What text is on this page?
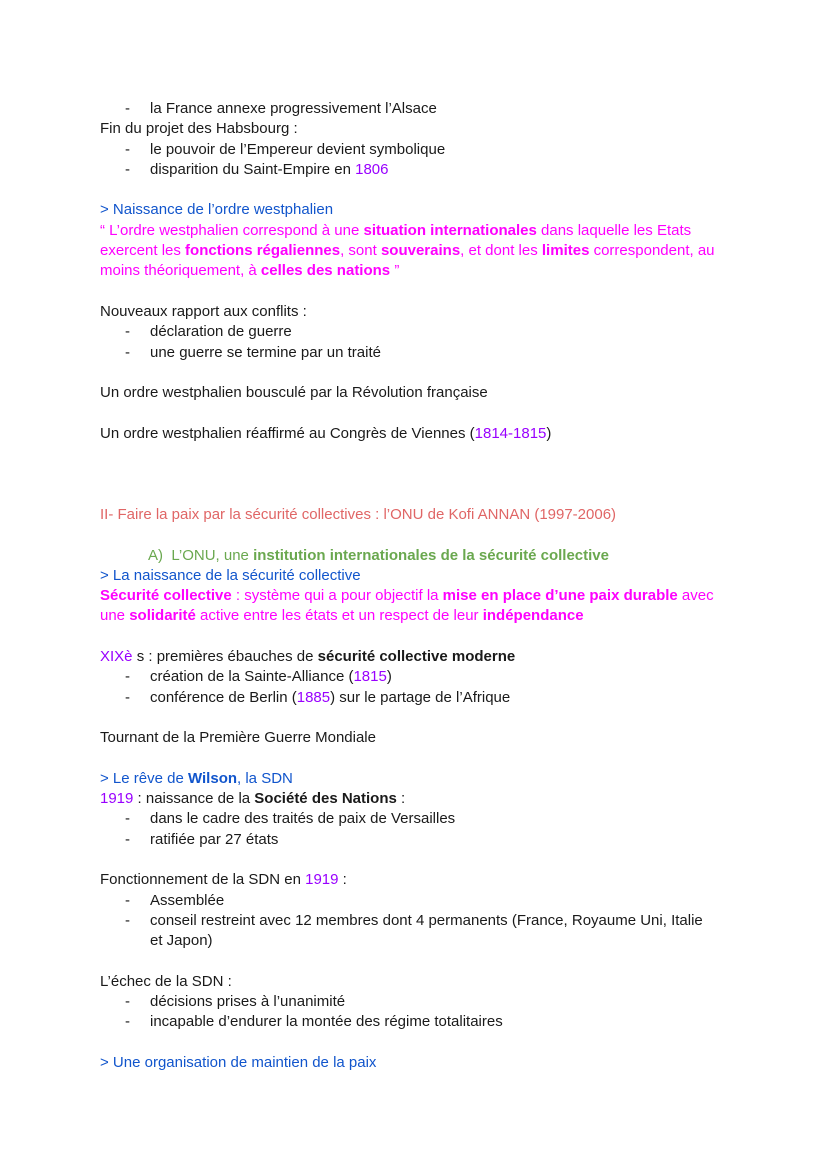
- la France annexe progressivement l’Alsace
Fin du projet des Habsbourg :
- le pouvoir de l’Empereur devient symbolique
- disparition du Saint-Empire en 1806
> Naissance de l’ordre westphalien
“ L’ordre westphalien correspond à une situation internationales dans laquelle les Etats
exercent les fonctions régaliennes, sont souverains, et dont les limites correspondent, au
moins théoriquement, à celles des nations ”
Nouveaux rapport aux conflits :
- déclaration de guerre
- une guerre se termine par un traité
Un ordre westphalien bousculé par la Révolution française
Un ordre westphalien réaffirmé au Congrès de Viennes (1814-1815)
II- Faire la paix par la sécurité collectives : l’ONU de Kofi ANNAN (1997-2006)
A) L’ONU, une institution internationales de la sécurité collective
> La naissance de la sécurité collective
Sécurité collective : système qui a pour objectif la mise en place d’une paix durable avec
une solidarité active entre les états et un respect de leur indépendance
XIXè s : premières ébauches de sécurité collective moderne
- création de la Sainte-Alliance (1815)
- conférence de Berlin (1885) sur le partage de l’Afrique
Tournant de la Première Guerre Mondiale
> Le rêve de Wilson, la SDN
1919 : naissance de la Société des Nations :
- dans le cadre des traités de paix de Versailles
- ratifiée par 27 états
Fonctionnement de la SDN en 1919 :
- Assemblée
- conseil restreint avec 12 membres dont 4 permanents (France, Royaume Uni, Italie
et Japon)
L’échec de la SDN :
- décisions prises à l’unanimité
- incapable d’endurer la montée des régime totalitaires
> Une organisation de maintien de la paix
